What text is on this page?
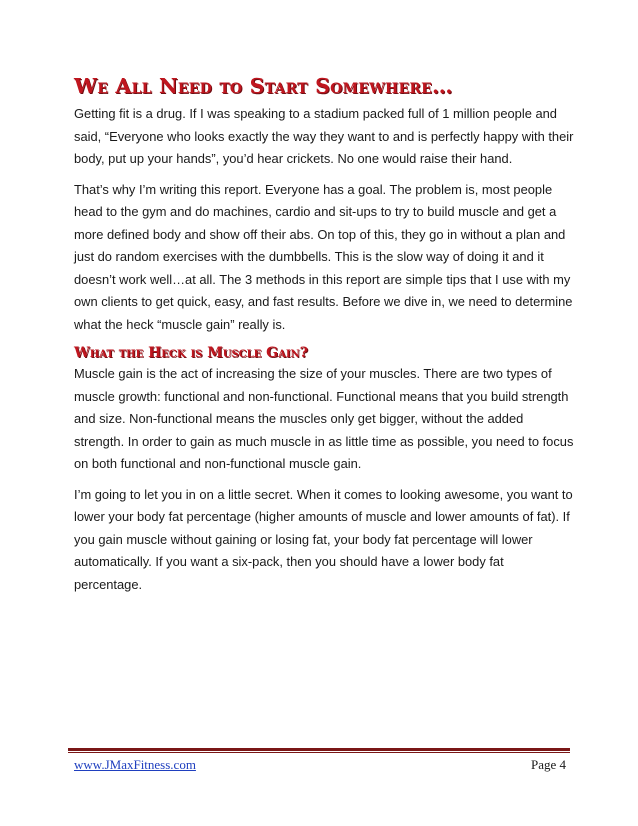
We All Need to Start Somewhere…

Getting fit is a drug. If I was speaking to a stadium packed full of 1 million people and said, “Everyone who looks exactly the way they want to and is perfectly happy with their body, put up your hands”, you’d hear crickets. No one would raise their hand.

That’s why I’m writing this report. Everyone has a goal. The problem is, most people head to the gym and do machines, cardio and sit-ups to try to build muscle and get a more defined body and show off their abs. On top of this, they go in without a plan and just do random exercises with the dumbbells. This is the slow way of doing it and it doesn’t work well…at all. The 3 methods in this report are simple tips that I use with my own clients to get quick, easy, and fast results. Before we dive in, we need to determine what the heck “muscle gain” really is.

What the Heck is Muscle Gain?

Muscle gain is the act of increasing the size of your muscles. There are two types of muscle growth: functional and non-functional. Functional means that you build strength and size. Non-functional means the muscles only get bigger, without the added strength. In order to gain as much muscle in as little time as possible, you need to focus on both functional and non-functional muscle gain.

I’m going to let you in on a little secret. When it comes to looking awesome, you want to lower your body fat percentage (higher amounts of muscle and lower amounts of fat). If you gain muscle without gaining or losing fat, your body fat percentage will lower automatically. If you want a six-pack, then you should have a lower body fat percentage.

www.JMaxFitness.com	Page 4
